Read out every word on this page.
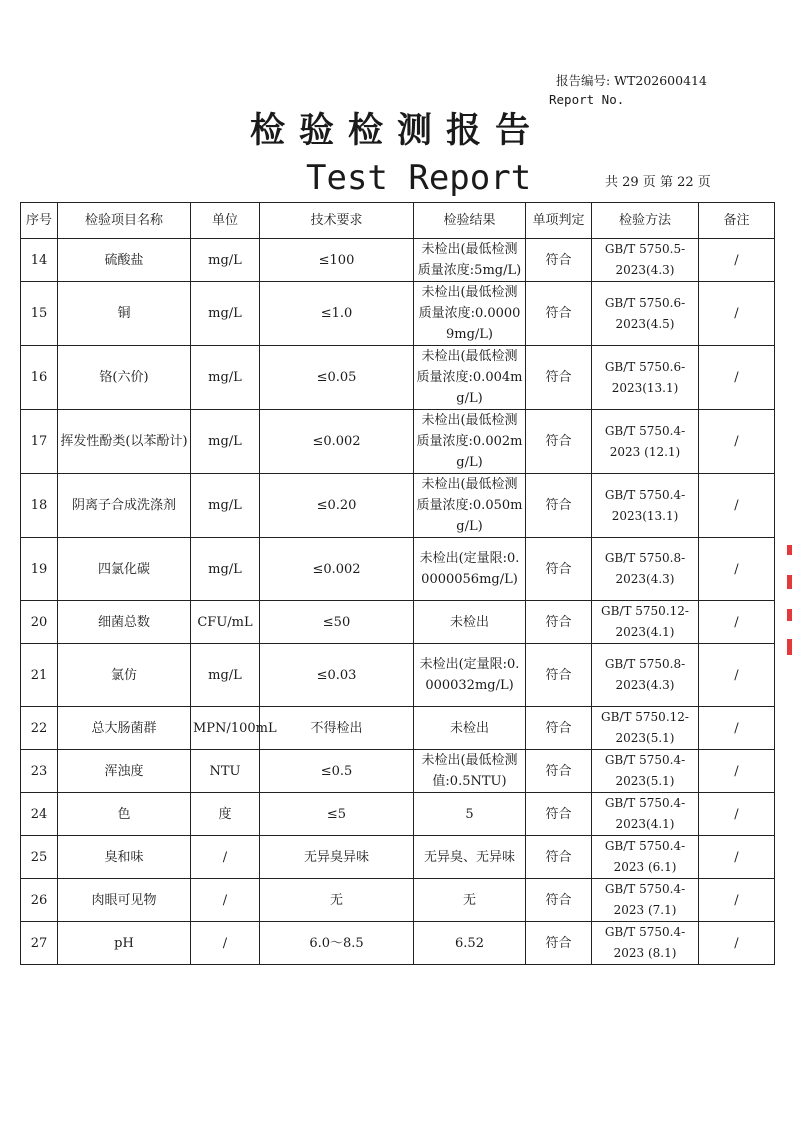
报告编号: WT202600414
Report No.
检验检测报告
Test Report	共 29 页 第 22 页
序号	检验项目名称	单位	技术要求	检验结果	单项判定	检验方法	备注
14	硫酸盐	mg/L	≤100	未检出(最低检测质量浓度:5mg/L)	符合	GB/T 5750.5-2023(4.3)	/
15	铜	mg/L	≤1.0	未检出(最低检测质量浓度:0.00009mg/L)	符合	GB/T 5750.6-2023(4.5)	/
16	铬(六价)	mg/L	≤0.05	未检出(最低检测质量浓度:0.004mg/L)	符合	GB/T 5750.6-2023(13.1)	/
17	挥发性酚类(以苯酚计)	mg/L	≤0.002	未检出(最低检测质量浓度:0.002mg/L)	符合	GB/T 5750.4-2023 (12.1)	/
18	阴离子合成洗涤剂	mg/L	≤0.20	未检出(最低检测质量浓度:0.050mg/L)	符合	GB/T 5750.4-2023(13.1)	/
19	四氯化碳	mg/L	≤0.002	未检出(定量限:0.0000056mg/L)	符合	GB/T 5750.8-2023(4.3)	/
20	细菌总数	CFU/mL	≤50	未检出	符合	GB/T 5750.12-2023(4.1)	/
21	氯仿	mg/L	≤0.03	未检出(定量限:0.000032mg/L)	符合	GB/T 5750.8-2023(4.3)	/
22	总大肠菌群	MPN/100mL	不得检出	未检出	符合	GB/T 5750.12-2023(5.1)	/
23	浑浊度	NTU	≤0.5	未检出(最低检测值:0.5NTU)	符合	GB/T 5750.4-2023(5.1)	/
24	色	度	≤5	5	符合	GB/T 5750.4-2023(4.1)	/
25	臭和味	/	无异臭异味	无异臭、无异味	符合	GB/T 5750.4-2023 (6.1)	/
26	肉眼可见物	/	无	无	符合	GB/T 5750.4-2023 (7.1)	/
27	pH	/	6.0～8.5	6.52	符合	GB/T 5750.4-2023 (8.1)	/
